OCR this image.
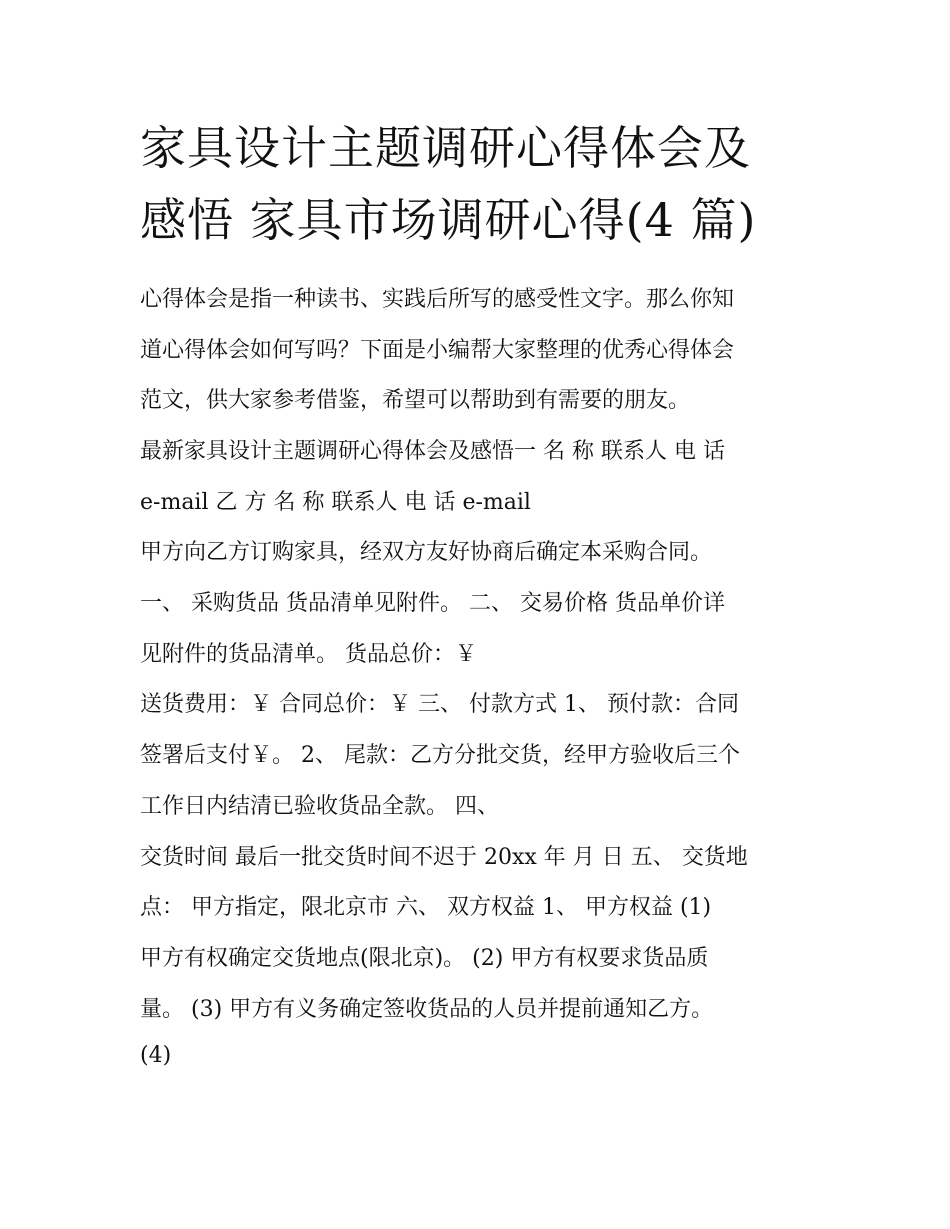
家具设计主题调研心得体会及
感悟 家具市场调研心得(4 篇)

心得体会是指一种读书、实践后所写的感受性文字。那么你知

道心得体会如何写吗？下面是小编帮大家整理的优秀心得体会

范文，供大家参考借鉴，希望可以帮助到有需要的朋友。

最新家具设计主题调研心得体会及感悟一 名 称 联系人 电 话

e-mail 乙 方 名 称 联系人 电 话 e-mail

甲方向乙方订购家具，经双方友好协商后确定本采购合同。

一、 采购货品 货品清单见附件。 二、 交易价格 货品单价详

见附件的货品清单。 货品总价：￥

送货费用：￥ 合同总价：￥ 三、 付款方式 1、 预付款：合同

签署后支付￥。 2、 尾款：乙方分批交货，经甲方验收后三个

工作日内结清已验收货品全款。 四、

交货时间 最后一批交货时间不迟于 20xx 年 月 日 五、 交货地

点： 甲方指定，限北京市 六、 双方权益 1、 甲方权益 (1)

甲方有权确定交货地点(限北京)。 (2) 甲方有权要求货品质

量。 (3) 甲方有义务确定签收货品的人员并提前通知乙方。

(4)
